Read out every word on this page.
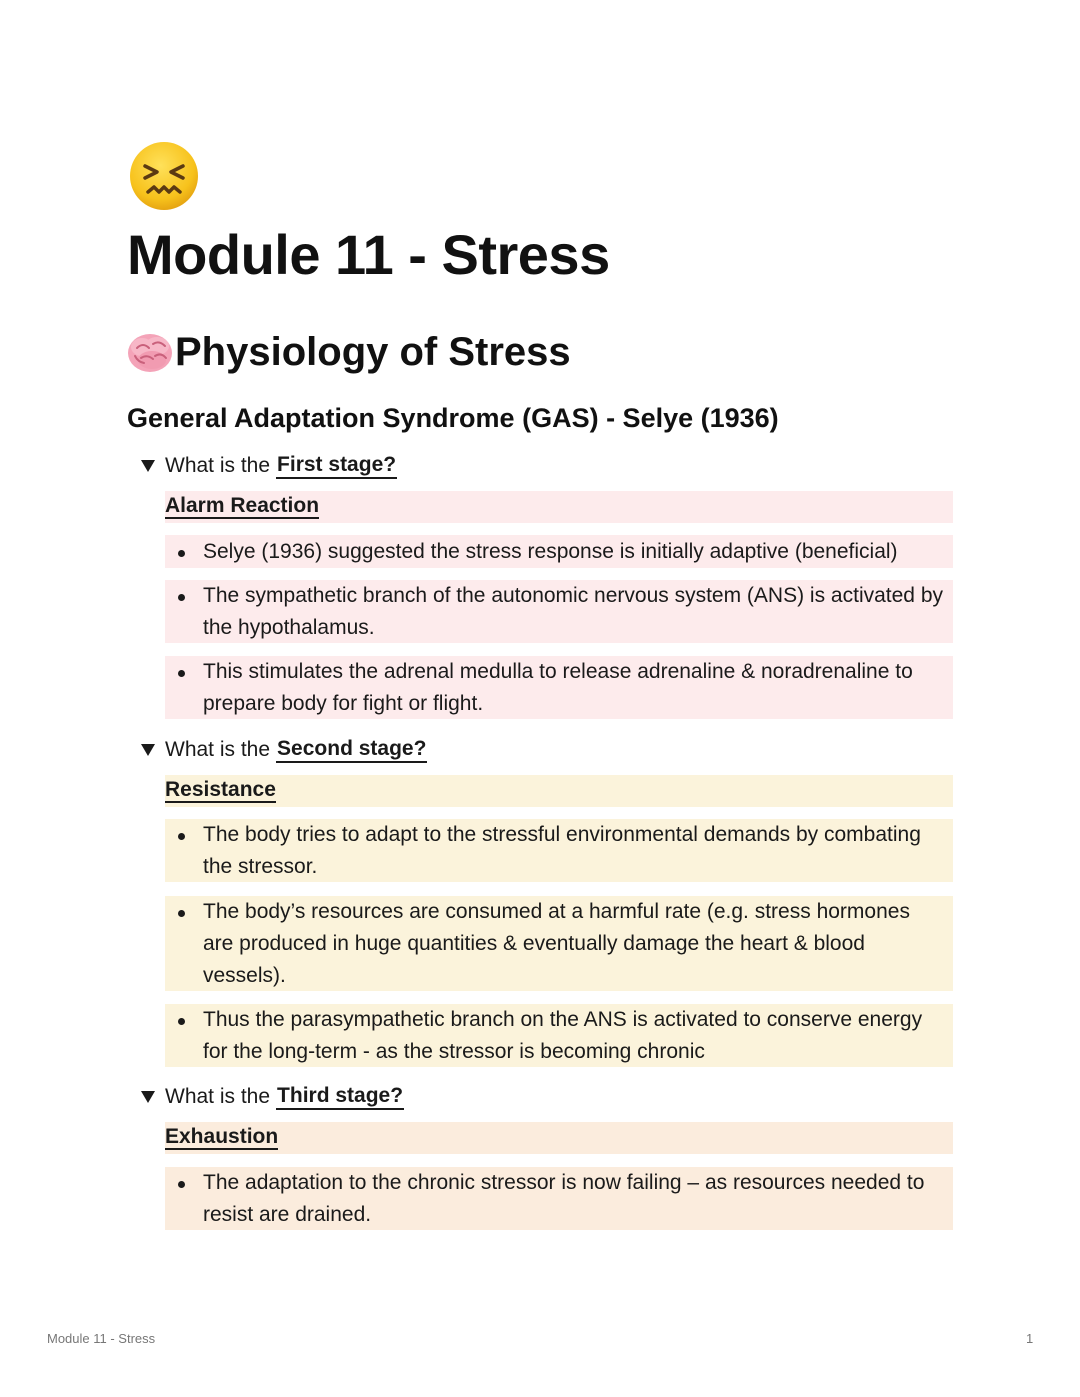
Module 11 - Stress
Physiology of Stress
General Adaptation Syndrome (GAS) - Selye (1936)
What is the First stage?
Alarm Reaction
Selye (1936) suggested the stress response is initially adaptive (beneficial)
The sympathetic branch of the autonomic nervous system (ANS) is activated by the hypothalamus.
This stimulates the adrenal medulla to release adrenaline & noradrenaline to prepare body for fight or flight.
What is the Second stage?
Resistance
The body tries to adapt to the stressful environmental demands by combating the stressor.
The body’s resources are consumed at a harmful rate (e.g. stress hormones are produced in huge quantities & eventually damage the heart & blood vessels).
Thus the parasympathetic branch on the ANS is activated to conserve energy for the long-term - as the stressor is becoming chronic
What is the Third stage?
Exhaustion
The adaptation to the chronic stressor is now failing – as resources needed to resist are drained.
Module 11 - Stress	1
